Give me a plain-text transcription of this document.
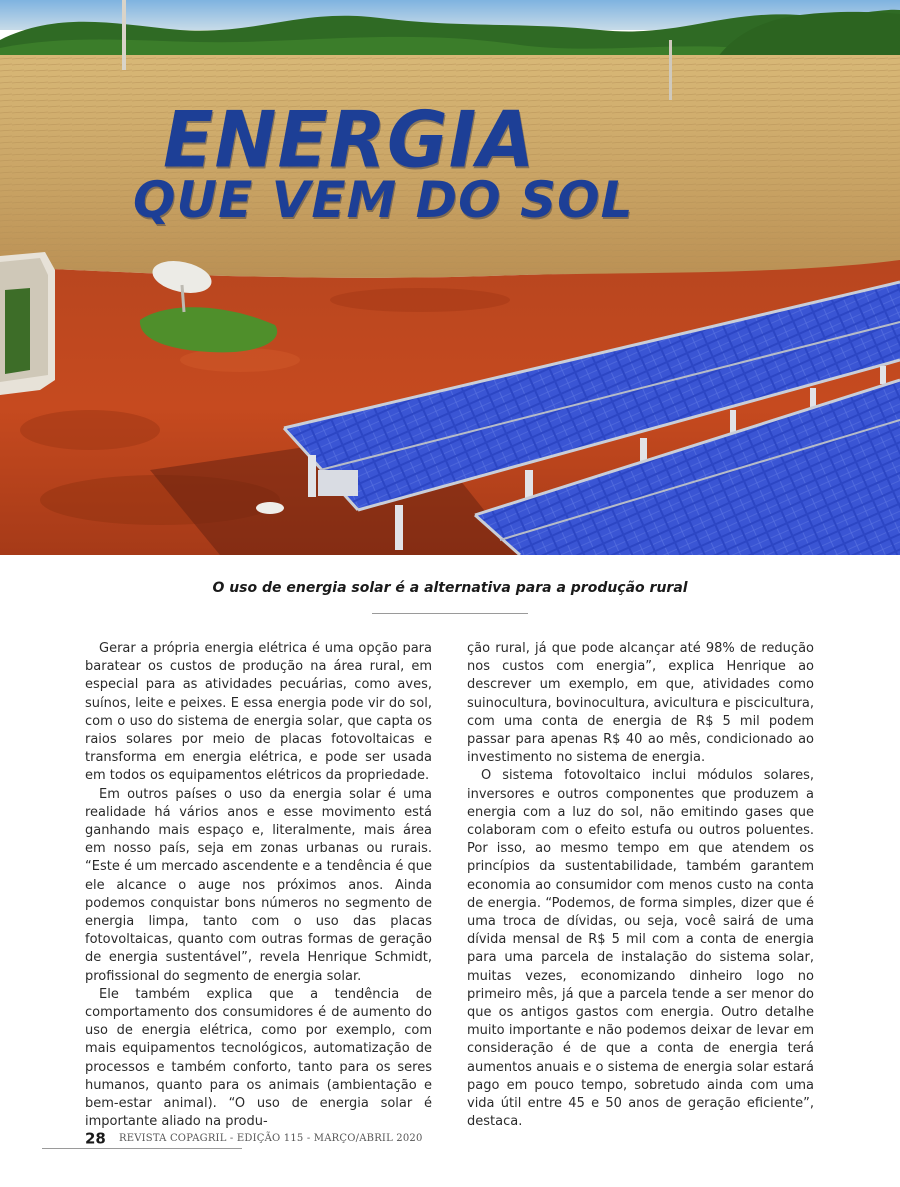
ENERGIA
QUE VEM DO SOL
O uso de energia solar é a alternativa para a produção rural

Gerar a própria energia elétrica é uma opção para baratear os custos de produção na área rural, em especial para as atividades pecuárias, como aves, suínos, leite e peixes. E essa energia pode vir do sol, com o uso do sistema de energia solar, que capta os raios solares por meio de placas fotovoltaicas e transforma em energia elétrica, e pode ser usada em todos os equipamentos elétricos da propriedade.

Em outros países o uso da energia solar é uma realidade há vários anos e esse movimento está ganhando mais espaço e, literalmente, mais área em nosso país, seja em zonas urbanas ou rurais. “Este é um mercado ascendente e a tendência é que ele alcance o auge nos próximos anos. Ainda podemos conquistar bons números no segmento de energia limpa, tanto com o uso das placas fotovoltaicas, quanto com outras formas de geração de energia sustentável”, revela Henrique Schmidt, profissional do segmento de energia solar.

Ele também explica que a tendência de comportamento dos consumidores é de aumento do uso de energia elétrica, como por exemplo, com mais equipamentos tecnológicos, automatização de processos e também conforto, tanto para os seres humanos, quanto para os animais (ambientação e bem-estar animal). “O uso de energia solar é importante aliado na produ-

ção rural, já que pode alcançar até 98% de redução nos custos com energia”, explica Henrique ao descrever um exemplo, em que, atividades como suinocultura, bovinocultura, avicultura e piscicultura, com uma conta de energia de R$ 5 mil podem passar para apenas R$ 40 ao mês, condicionado ao investimento no sistema de energia.

O sistema fotovoltaico inclui módulos solares, inversores e outros componentes que produzem a energia com a luz do sol, não emitindo gases que colaboram com o efeito estufa ou outros poluentes. Por isso, ao mesmo tempo em que atendem os princípios da sustentabilidade, também garantem economia ao consumidor com menos custo na conta de energia. “Podemos, de forma simples, dizer que é uma troca de dívidas, ou seja, você sairá de uma dívida mensal de R$ 5 mil com a conta de energia para uma parcela de instalação do sistema solar, muitas vezes, economizando dinheiro logo no primeiro mês, já que a parcela tende a ser menor do que os antigos gastos com energia. Outro detalhe muito importante e não podemos deixar de levar em consideração é de que a conta de energia terá aumentos anuais e o sistema de energia solar estará pago em pouco tempo, sobretudo ainda com uma vida útil entre 45 e 50 anos de geração eficiente”, destaca.

28 REVISTA COPAGRIL - EDIÇÃO 115 - MARÇO/ABRIL 2020
